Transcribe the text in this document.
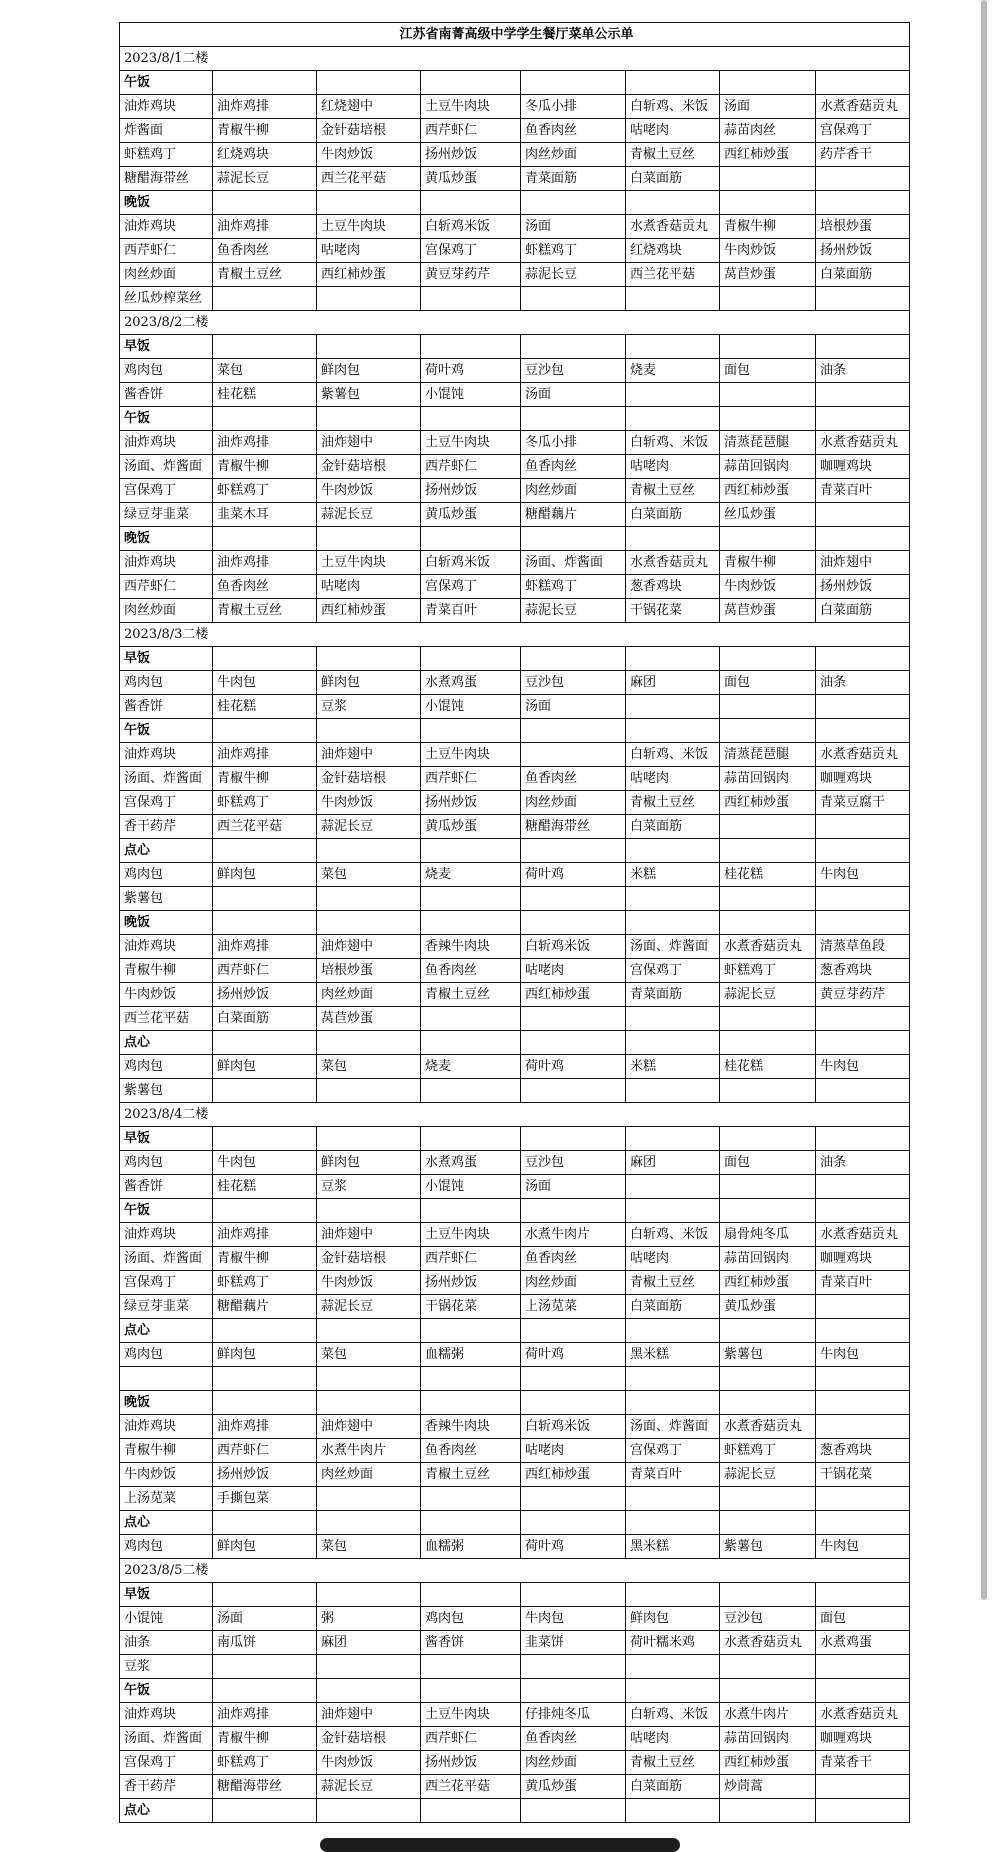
江苏省南菁高级中学学生餐厅菜单公示单							
2023/8/1二楼							
午饭							
油炸鸡块	油炸鸡排	红烧翅中	土豆牛肉块	冬瓜小排	白斩鸡、米饭	汤面	水煮香菇贡丸
炸酱面	青椒牛柳	金针菇培根	西芹虾仁	鱼香肉丝	咕咾肉	蒜苗肉丝	宫保鸡丁
虾糕鸡丁	红烧鸡块	牛肉炒饭	扬州炒饭	肉丝炒面	青椒土豆丝	西红柿炒蛋	药芹香干
糖醋海带丝	蒜泥长豆	西兰花平菇	黄瓜炒蛋	青菜面筋	白菜面筋		
晚饭							
油炸鸡块	油炸鸡排	土豆牛肉块	白斩鸡米饭	汤面	水煮香菇贡丸	青椒牛柳	培根炒蛋
西芹虾仁	鱼香肉丝	咕咾肉	宫保鸡丁	虾糕鸡丁	红烧鸡块	牛肉炒饭	扬州炒饭
肉丝炒面	青椒土豆丝	西红柿炒蛋	黄豆芽药芹	蒜泥长豆	西兰花平菇	莴苣炒蛋	白菜面筋
丝瓜炒榨菜丝							
2023/8/2二楼							
早饭							
鸡肉包	菜包	鲜肉包	荷叶鸡	豆沙包	烧麦	面包	油条
酱香饼	桂花糕	紫薯包	小馄饨	汤面			
午饭							
油炸鸡块	油炸鸡排	油炸翅中	土豆牛肉块	冬瓜小排	白斩鸡、米饭	清蒸琵琶腿	水煮香菇贡丸
汤面、炸酱面	青椒牛柳	金针菇培根	西芹虾仁	鱼香肉丝	咕咾肉	蒜苗回锅肉	咖喱鸡块
宫保鸡丁	虾糕鸡丁	牛肉炒饭	扬州炒饭	肉丝炒面	青椒土豆丝	西红柿炒蛋	青菜百叶
绿豆芽韭菜	韭菜木耳	蒜泥长豆	黄瓜炒蛋	糖醋藕片	白菜面筋	丝瓜炒蛋	
晚饭							
油炸鸡块	油炸鸡排	土豆牛肉块	白斩鸡米饭	汤面、炸酱面	水煮香菇贡丸	青椒牛柳	油炸翅中
西芹虾仁	鱼香肉丝	咕咾肉	宫保鸡丁	虾糕鸡丁	葱香鸡块	牛肉炒饭	扬州炒饭
肉丝炒面	青椒土豆丝	西红柿炒蛋	青菜百叶	蒜泥长豆	干锅花菜	莴苣炒蛋	白菜面筋
2023/8/3二楼							
早饭							
鸡肉包	牛肉包	鲜肉包	水煮鸡蛋	豆沙包	麻团	面包	油条
酱香饼	桂花糕	豆浆	小馄饨	汤面			
午饭							
油炸鸡块	油炸鸡排	油炸翅中	土豆牛肉块		白斩鸡、米饭	清蒸琵琶腿	水煮香菇贡丸
汤面、炸酱面	青椒牛柳	金针菇培根	西芹虾仁	鱼香肉丝	咕咾肉	蒜苗回锅肉	咖喱鸡块
宫保鸡丁	虾糕鸡丁	牛肉炒饭	扬州炒饭	肉丝炒面	青椒土豆丝	西红柿炒蛋	青菜豆腐干
香干药芹	西兰花平菇	蒜泥长豆	黄瓜炒蛋	糖醋海带丝	白菜面筋		
点心							
鸡肉包	鲜肉包	菜包	烧麦	荷叶鸡	米糕	桂花糕	牛肉包
紫薯包							
晚饭							
油炸鸡块	油炸鸡排	油炸翅中	香辣牛肉块	白斩鸡米饭	汤面、炸酱面	水煮香菇贡丸	清蒸草鱼段
青椒牛柳	西芹虾仁	培根炒蛋	鱼香肉丝	咕咾肉	宫保鸡丁	虾糕鸡丁	葱香鸡块
牛肉炒饭	扬州炒饭	肉丝炒面	青椒土豆丝	西红柿炒蛋	青菜面筋	蒜泥长豆	黄豆芽药芹
西兰花平菇	白菜面筋	莴苣炒蛋					
点心							
鸡肉包	鲜肉包	菜包	烧麦	荷叶鸡	米糕	桂花糕	牛肉包
紫薯包							
2023/8/4二楼							
早饭							
鸡肉包	牛肉包	鲜肉包	水煮鸡蛋	豆沙包	麻团	面包	油条
酱香饼	桂花糕	豆浆	小馄饨	汤面			
午饭							
油炸鸡块	油炸鸡排	油炸翅中	土豆牛肉块	水煮牛肉片	白斩鸡、米饭	扇骨炖冬瓜	水煮香菇贡丸
汤面、炸酱面	青椒牛柳	金针菇培根	西芹虾仁	鱼香肉丝	咕咾肉	蒜苗回锅肉	咖喱鸡块
宫保鸡丁	虾糕鸡丁	牛肉炒饭	扬州炒饭	肉丝炒面	青椒土豆丝	西红柿炒蛋	青菜百叶
绿豆芽韭菜	糖醋藕片	蒜泥长豆	干锅花菜	上汤苋菜	白菜面筋	黄瓜炒蛋	
点心							
鸡肉包	鲜肉包	菜包	血糯粥	荷叶鸡	黑米糕	紫薯包	牛肉包

晚饭							
油炸鸡块	油炸鸡排	油炸翅中	香辣牛肉块	白斩鸡米饭	汤面、炸酱面	水煮香菇贡丸	
青椒牛柳	西芹虾仁	水煮牛肉片	鱼香肉丝	咕咾肉	宫保鸡丁	虾糕鸡丁	葱香鸡块
牛肉炒饭	扬州炒饭	肉丝炒面	青椒土豆丝	西红柿炒蛋	青菜百叶	蒜泥长豆	干锅花菜
上汤苋菜	手撕包菜						
点心							
鸡肉包	鲜肉包	菜包	血糯粥	荷叶鸡	黑米糕	紫薯包	牛肉包
2023/8/5二楼							
早饭							
小馄饨	汤面	粥	鸡肉包	牛肉包	鲜肉包	豆沙包	面包
油条	南瓜饼	麻团	酱香饼	韭菜饼	荷叶糯米鸡	水煮香菇贡丸	水煮鸡蛋
豆浆							
午饭							
油炸鸡块	油炸鸡排	油炸翅中	土豆牛肉块	仔排炖冬瓜	白斩鸡、米饭	水煮牛肉片	水煮香菇贡丸
汤面、炸酱面	青椒牛柳	金针菇培根	西芹虾仁	鱼香肉丝	咕咾肉	蒜苗回锅肉	咖喱鸡块
宫保鸡丁	虾糕鸡丁	牛肉炒饭	扬州炒饭	肉丝炒面	青椒土豆丝	西红柿炒蛋	青菜香干
香干药芹	糖醋海带丝	蒜泥长豆	西兰花平菇	黄瓜炒蛋	白菜面筋	炒茼蒿	
点心							
